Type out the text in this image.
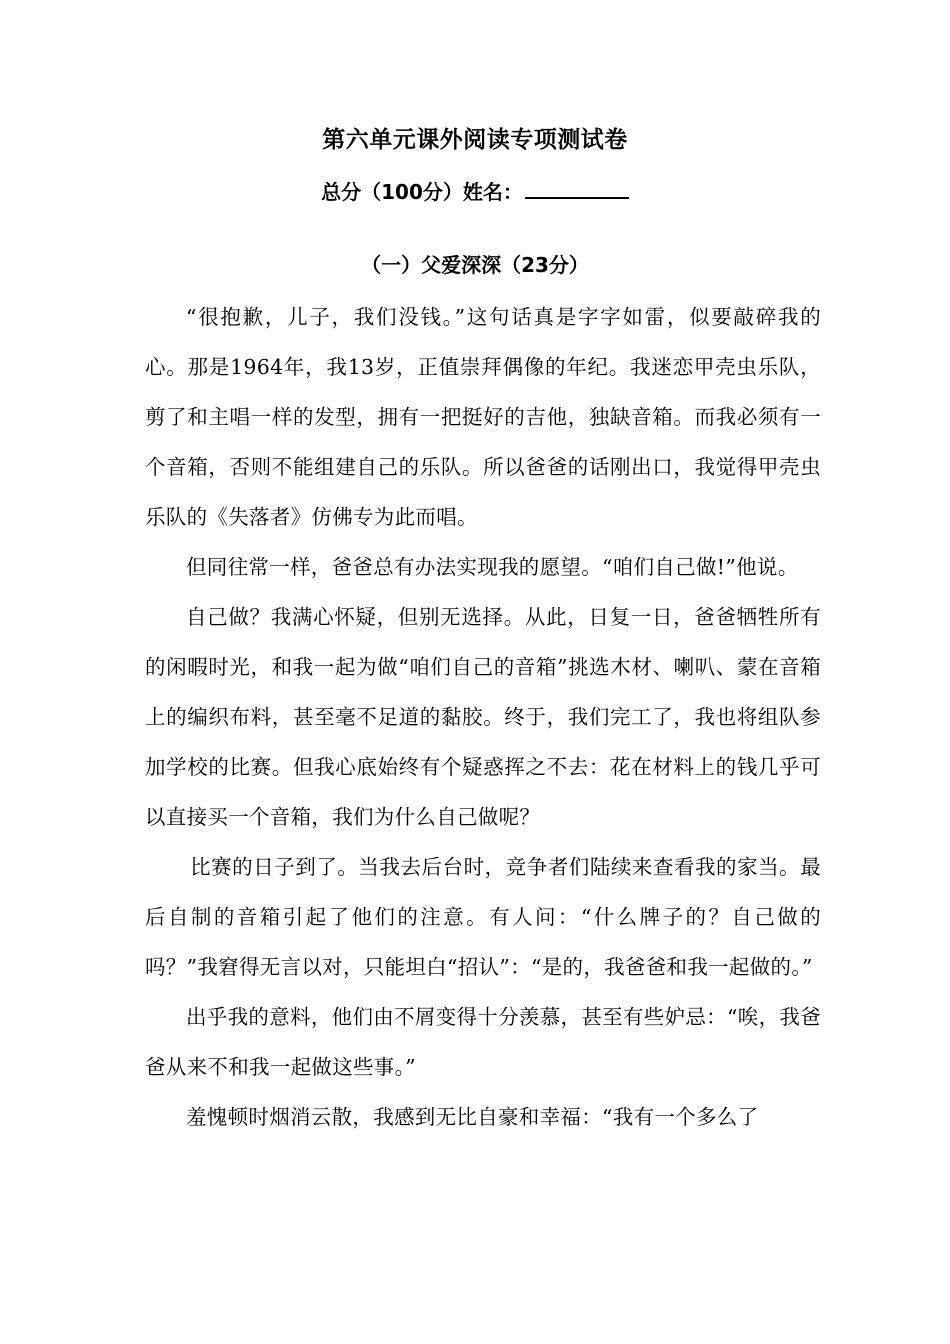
第六单元课外阅读专项测试卷
总分（100分）姓名：
（一）父爱深深（23分）

“很抱歉，儿子，我们没钱。”这句话真是字字如雷，似要敲碎我的心。那是1964年，我13岁，正值崇拜偶像的年纪。我迷恋甲壳虫乐队，剪了和主唱一样的发型，拥有一把挺好的吉他，独缺音箱。而我必须有一个音箱，否则不能组建自己的乐队。所以爸爸的话刚出口，我觉得甲壳虫乐队的《失落者》仿佛专为此而唱。

但同往常一样，爸爸总有办法实现我的愿望。“咱们自己做!”他说。

自己做？我满心怀疑，但别无选择。从此，日复一日，爸爸牺牲所有的闲暇时光，和我一起为做“咱们自己的音箱”挑选木材、喇叭、蒙在音箱上的编织布料，甚至毫不足道的黏胶。终于，我们完工了，我也将组队参加学校的比赛。但我心底始终有个疑惑挥之不去：花在材料上的钱几乎可以直接买一个音箱，我们为什么自己做呢？

比赛的日子到了。当我去后台时，竞争者们陆续来查看我的家当。最后自制的音箱引起了他们的注意。有人问：“什么牌子的？自己做的吗？”我窘得无言以对，只能坦白“招认”：“是的，我爸爸和我一起做的。”

出乎我的意料，他们由不屑变得十分羡慕，甚至有些妒忌：“唉，我爸爸从来不和我一起做这些事。”

羞愧顿时烟消云散，我感到无比自豪和幸福：“我有一个多么了
